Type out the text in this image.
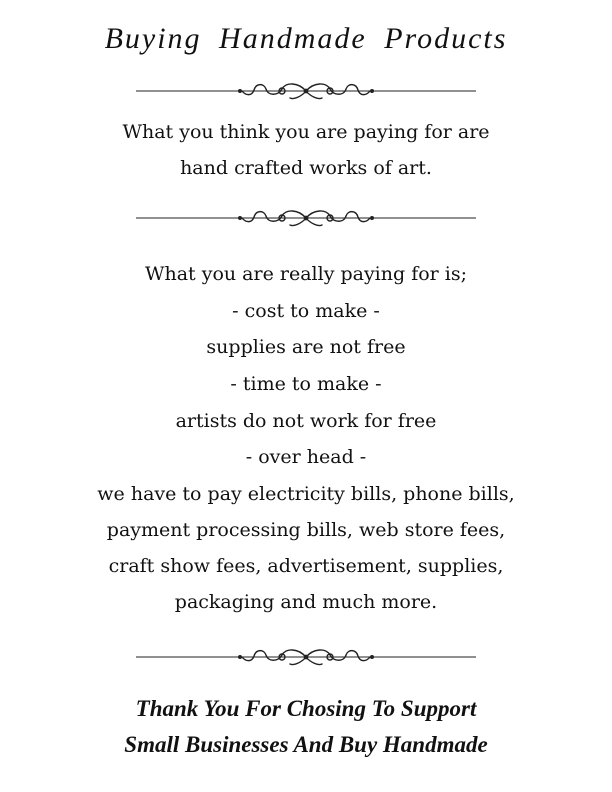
Buying Handmade Products
What you think you are paying for are
hand crafted works of art.
What you are really paying for is;
- cost to make -
supplies are not free
- time to make -
artists do not work for free
- over head -
we have to pay electricity bills, phone bills,
payment processing bills, web store fees,
craft show fees, advertisement, supplies,
packaging and much more.
Thank You For Chosing To Support
Small Businesses And Buy Handmade
